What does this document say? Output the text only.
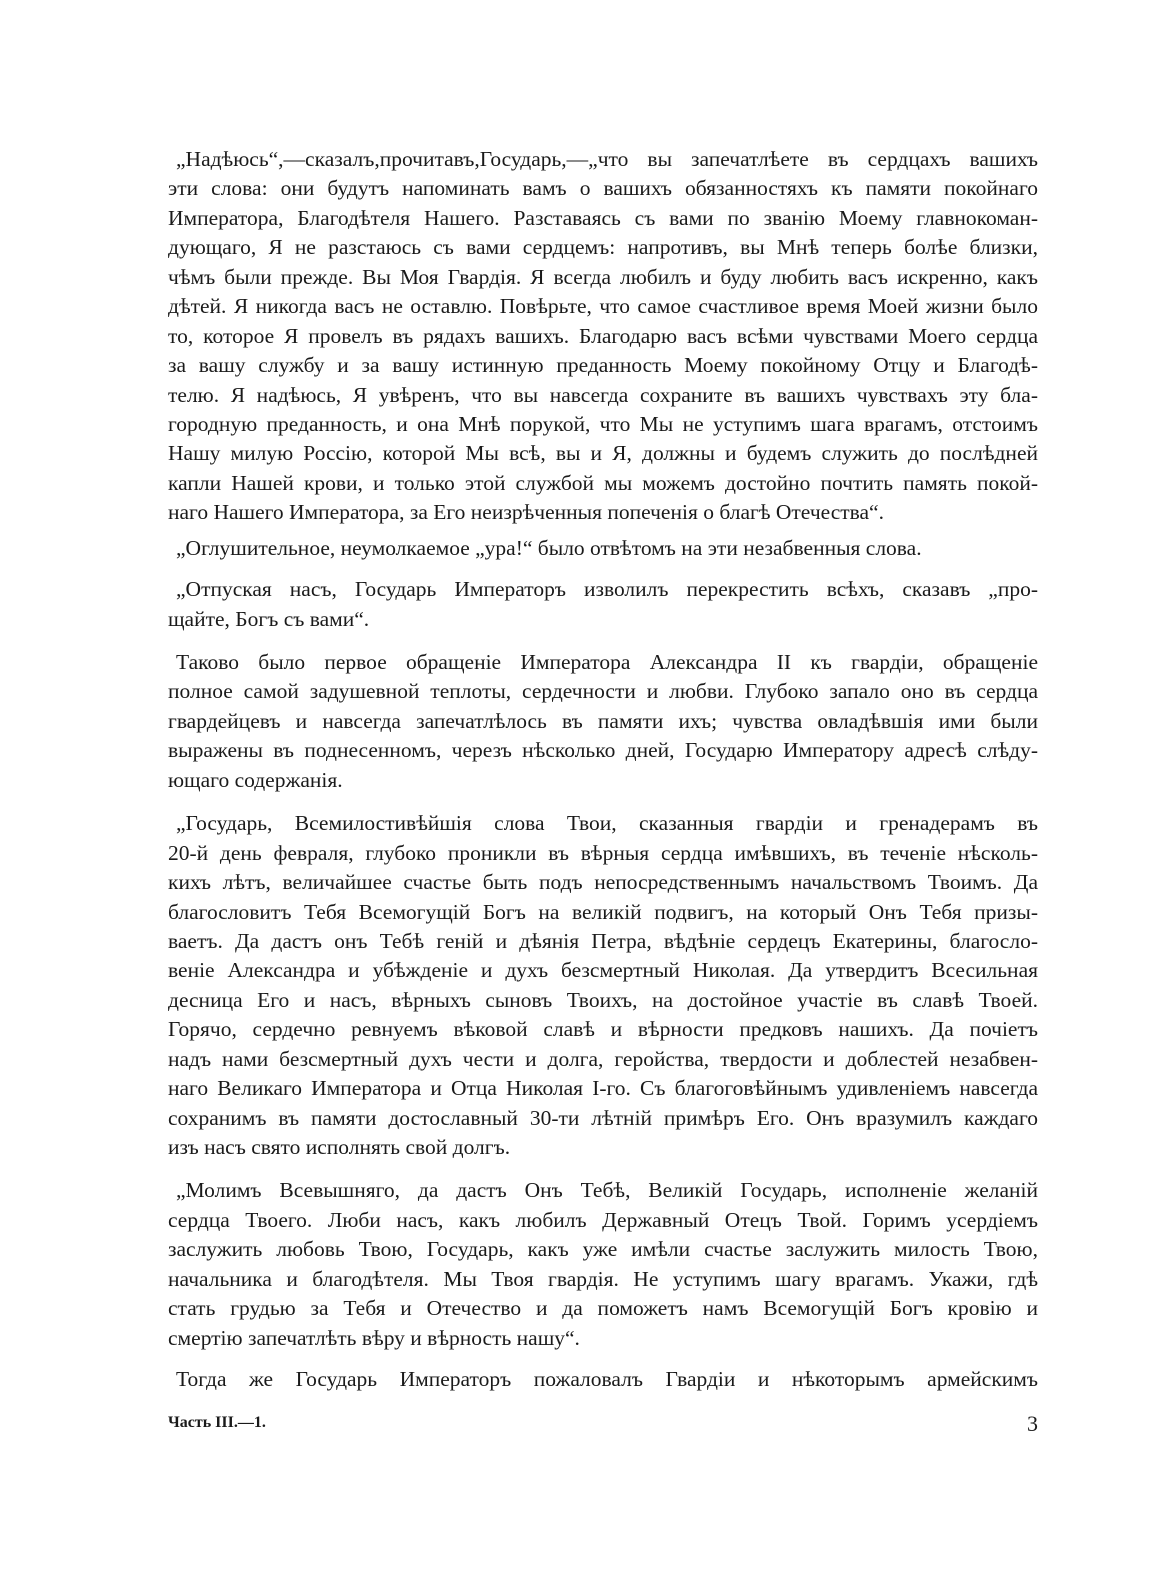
„Надѣюсь“,—сказалъ,прочитавъ,Государь,—„что вы запечатлѣете въ сердцахъ вашихъ
эти слова: они будутъ напоминать вамъ о вашихъ обязанностяхъ къ памяти покойнаго
Императора, Благодѣтеля Нашего. Разставаясь съ вами по званію Моему главнокоман-
дующаго, Я не разстаюсь съ вами сердцемъ: напротивъ, вы Мнѣ теперь болѣе близки,
чѣмъ были прежде. Вы Моя Гвардія. Я всегда любилъ и буду любить васъ искренно, какъ
дѣтей. Я никогда васъ не оставлю. Повѣрьте, что самое счастливое время Моей жизни было
то, которое Я провелъ въ рядахъ вашихъ. Благодарю васъ всѣми чувствами Моего сердца
за вашу службу и за вашу истинную преданность Моему покойному Отцу и Благодѣ-
телю. Я надѣюсь, Я увѣренъ, что вы навсегда сохраните въ вашихъ чувствахъ эту бла-
городную преданность, и она Мнѣ порукой, что Мы не уступимъ шага врагамъ, отстоимъ
Нашу милую Россію, которой Мы всѣ, вы и Я, должны и будемъ служить до послѣдней
капли Нашей крови, и только этой службой мы можемъ достойно почтить память покой-
наго Нашего Императора, за Его неизрѣченныя попеченія о благѣ Отечества“.
„Оглушительное, неумолкаемое „ура!“ было отвѣтомъ на эти незабвенныя слова.
„Отпуская насъ, Государь Императоръ изволилъ перекрестить всѣхъ, сказавъ „про-
щайте, Богъ съ вами“.
Таково было первое обращеніе Императора Александра II къ гвардіи, обращеніе
полное самой задушевной теплоты, сердечности и любви. Глубоко запало оно въ сердца
гвардейцевъ и навсегда запечатлѣлось въ памяти ихъ; чувства овладѣвшія ими были
выражены въ поднесенномъ, черезъ нѣсколько дней, Государю Императору адресѣ слѣду-
ющаго содержанія.
„Государь, Всемилостивѣйшія слова Твои, сказанныя гвардіи и гренадерамъ въ
20-й день февраля, глубоко проникли въ вѣрныя сердца имѣвшихъ, въ теченіе нѣсколь-
кихъ лѣтъ, величайшее счастье быть подъ непосредственнымъ начальствомъ Твоимъ. Да
благословитъ Тебя Всемогущій Богъ на великій подвигъ, на который Онъ Тебя призы-
ваетъ. Да дастъ онъ Тебѣ геній и дѣянія Петра, вѣдѣніе сердецъ Екатерины, благосло-
веніе Александра и убѣжденіе и духъ безсмертный Николая. Да утвердитъ Всесильная
десница Его и насъ, вѣрныхъ сыновъ Твоихъ, на достойное участіе въ славѣ Твоей.
Горячо, сердечно ревнуемъ вѣковой славѣ и вѣрности предковъ нашихъ. Да почіетъ
надъ нами безсмертный духъ чести и долга, геройства, твердости и доблестей незабвен-
наго Великаго Императора и Отца Николая I-го. Съ благоговѣйнымъ удивленіемъ навсегда
сохранимъ въ памяти достославный 30-ти лѣтній примѣръ Его. Онъ вразумилъ каждаго
изъ насъ свято исполнять свой долгъ.
„Молимъ Всевышняго, да дастъ Онъ Тебѣ, Великій Государь, исполненіе желаній
сердца Твоего. Люби насъ, какъ любилъ Державный Отецъ Твой. Горимъ усердіемъ
заслужить любовь Твою, Государь, какъ уже имѣли счастье заслужить милость Твою,
начальника и благодѣтеля. Мы Твоя гвардія. Не уступимъ шагу врагамъ. Укажи, гдѣ
стать грудью за Тебя и Отечество и да поможетъ намъ Всемогущій Богъ кровію и
смертію запечатлѣть вѣру и вѣрность нашу“.
Тогда же Государь Императоръ пожаловалъ Гвардіи и нѣкоторымъ армейскимъ
Часть III.—1.	3
